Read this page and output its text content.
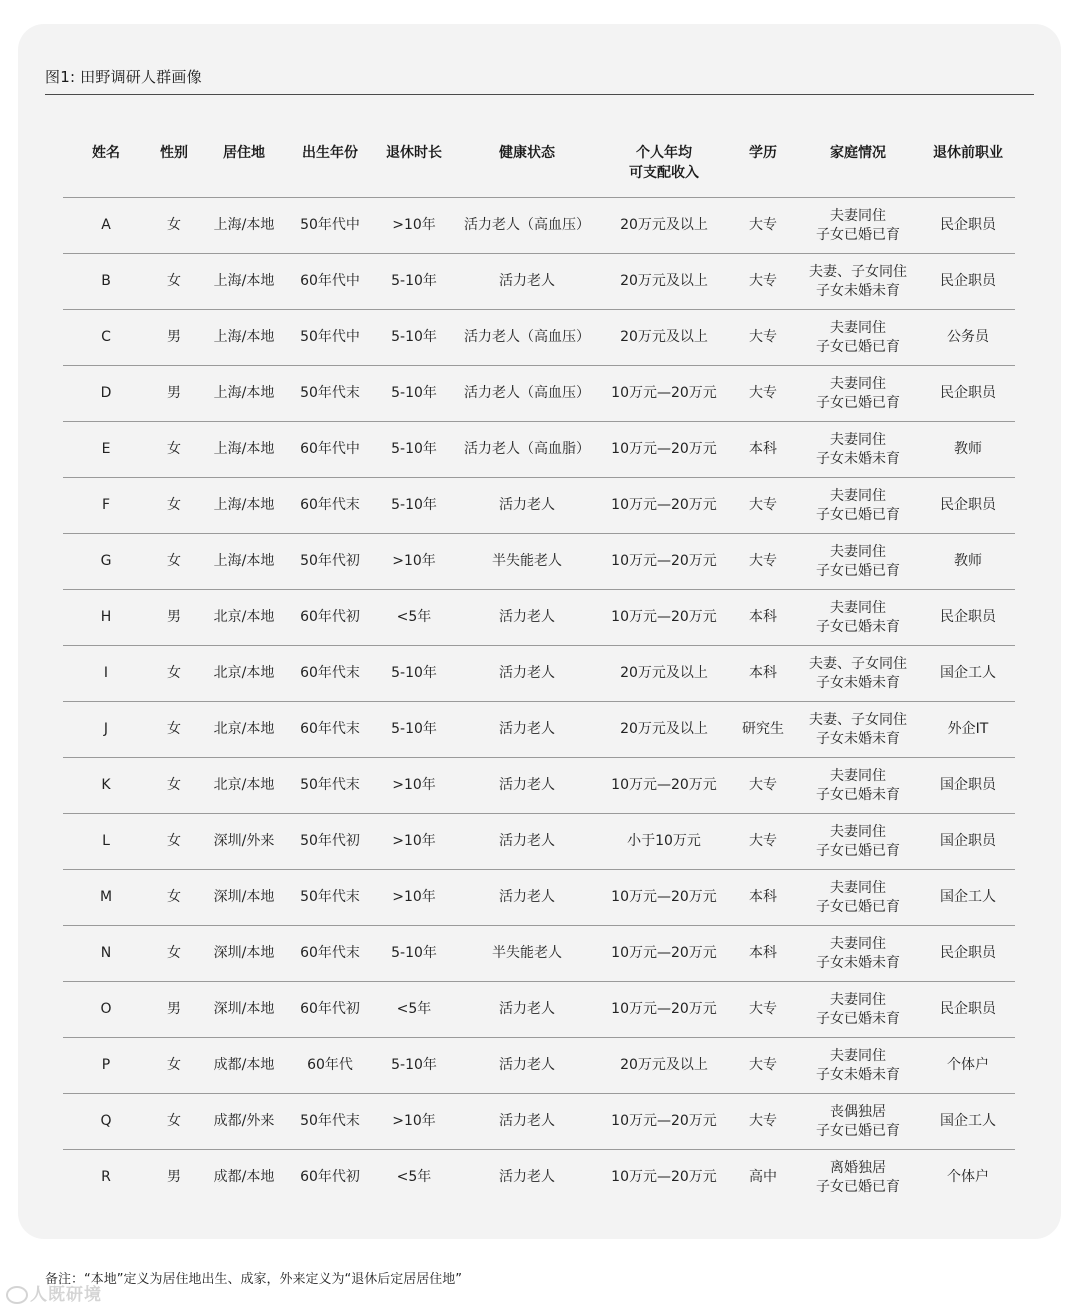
图1: 田野调研人群画像
姓名	性别	居住地	出生年份	退休时长	健康状态	个人年均
可支配收入	学历	家庭情况	退休前职业

A	女	上海/本地	50年代中	>10年	活力老人（高血压）	20万元及以上	大专	夫妻同住
子女已婚已育	民企职员
B	女	上海/本地	60年代中	5-10年	活力老人	20万元及以上	大专	夫妻、子女同住
子女未婚未育	民企职员
C	男	上海/本地	50年代中	5-10年	活力老人（高血压）	20万元及以上	大专	夫妻同住
子女已婚已育	公务员
D	男	上海/本地	50年代末	5-10年	活力老人（高血压）	10万元—20万元	大专	夫妻同住
子女已婚已育	民企职员
E	女	上海/本地	60年代中	5-10年	活力老人（高血脂）	10万元—20万元	本科	夫妻同住
子女未婚未育	教师
F	女	上海/本地	60年代末	5-10年	活力老人	10万元—20万元	大专	夫妻同住
子女已婚已育	民企职员
G	女	上海/本地	50年代初	>10年	半失能老人	10万元—20万元	大专	夫妻同住
子女已婚已育	教师
H	男	北京/本地	60年代初	<5年	活力老人	10万元—20万元	本科	夫妻同住
子女已婚未育	民企职员
I	女	北京/本地	60年代末	5-10年	活力老人	20万元及以上	本科	夫妻、子女同住
子女未婚未育	国企工人
J	女	北京/本地	60年代末	5-10年	活力老人	20万元及以上	研究生	夫妻、子女同住
子女未婚未育	外企IT
K	女	北京/本地	50年代末	>10年	活力老人	10万元—20万元	大专	夫妻同住
子女已婚未育	国企职员
L	女	深圳/外来	50年代初	>10年	活力老人	小于10万元	大专	夫妻同住
子女已婚已育	国企职员
M	女	深圳/本地	50年代末	>10年	活力老人	10万元—20万元	本科	夫妻同住
子女已婚已育	国企工人
N	女	深圳/本地	60年代末	5-10年	半失能老人	10万元—20万元	本科	夫妻同住
子女未婚未育	民企职员
O	男	深圳/本地	60年代初	<5年	活力老人	10万元—20万元	大专	夫妻同住
子女已婚未育	民企职员
P	女	成都/本地	60年代	5-10年	活力老人	20万元及以上	大专	夫妻同住
子女未婚未育	个体户
Q	女	成都/外来	50年代末	>10年	活力老人	10万元—20万元	大专	丧偶独居
子女已婚已育	国企工人
R	男	成都/本地	60年代初	<5年	活力老人	10万元—20万元	高中	离婚独居
子女已婚已育	个体户
备注：“本地”定义为居住地出生、成家，外来定义为“退休后定居居住地”
人既研境
